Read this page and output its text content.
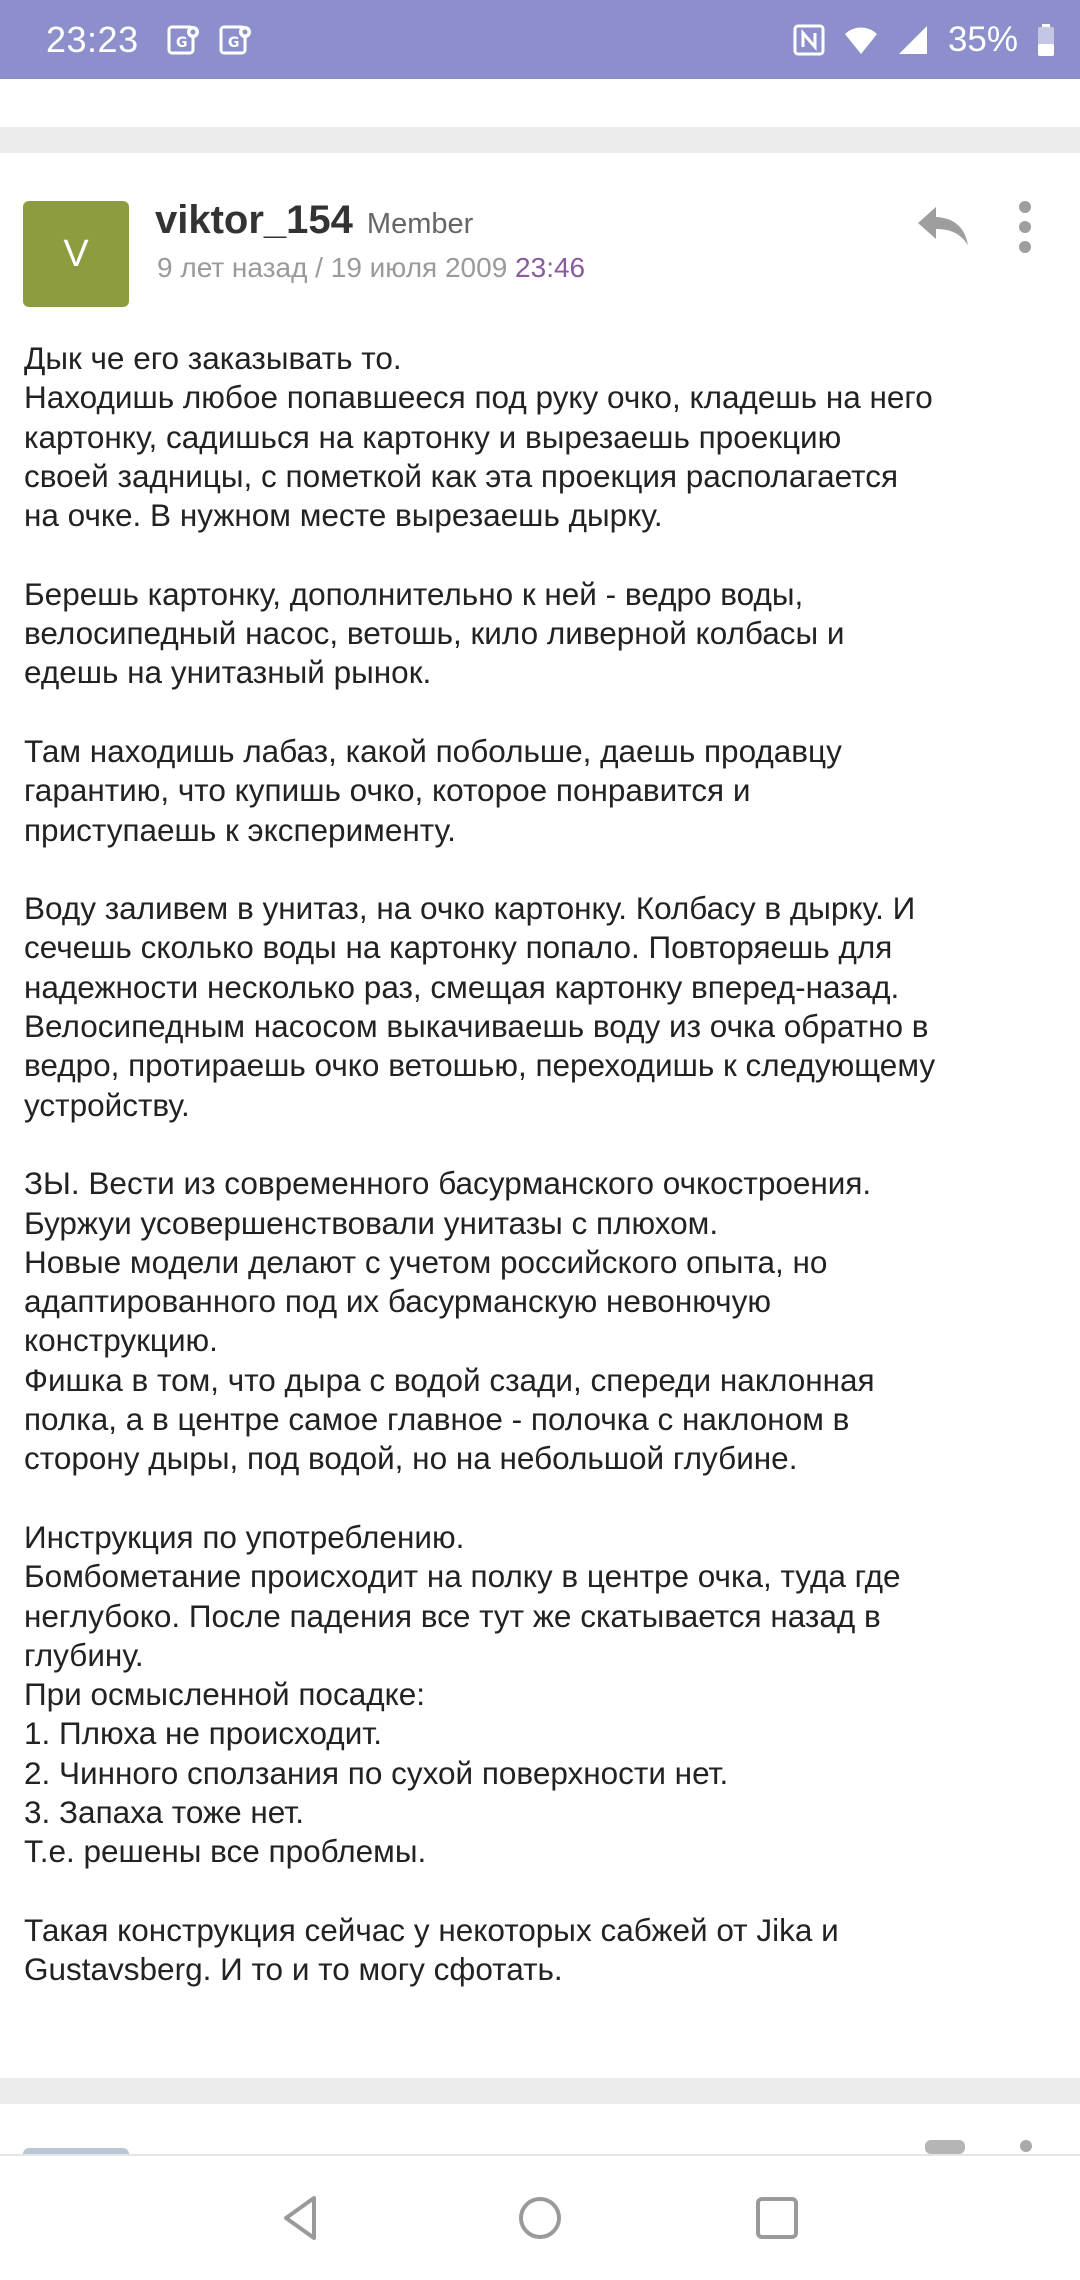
23:23	G	G	35%
V
viktor_154 Member
9 лет назад / 19 июля 2009 23:46
Дык че его заказывать то.
Находишь любое попавшееся под руку очко, кладешь на него
картонку, садишься на картонку и вырезаешь проекцию
своей задницы, с пометкой как эта проекция располагается
на очке. В нужном месте вырезаешь дырку.
Берешь картонку, дополнительно к ней - ведро воды,
велосипедный насос, ветошь, кило ливерной колбасы и
едешь на унитазный рынок.
Там находишь лабаз, какой побольше, даешь продавцу
гарантию, что купишь очко, которое понравится и
приступаешь к эксперименту.
Воду заливем в унитаз, на очко картонку. Колбасу в дырку. И
сечешь сколько воды на картонку попало. Повторяешь для
надежности несколько раз, смещая картонку вперед-назад.
Велосипедным насосом выкачиваешь воду из очка обратно в
ведро, протираешь очко ветошью, переходишь к следующему
устройству.
ЗЫ. Вести из современного басурманского очкостроения.
Буржуи усовершенствовали унитазы с плюхом.
Новые модели делают с учетом российского опыта, но
адаптированного под их басурманскую невонючую
конструкцию.
Фишка в том, что дыра с водой сзади, спереди наклонная
полка, а в центре самое главное - полочка с наклоном в
сторону дыры, под водой, но на небольшой глубине.
Инструкция по употреблению.
Бомбометание происходит на полку в центре очка, туда где
неглубоко. После падения все тут же скатывается назад в
глубину.
При осмысленной посадке:
1. Плюха не происходит.
2. Чинного сползания по сухой поверхности нет.
3. Запаха тоже нет.
Т.е. решены все проблемы.
Такая конструкция сейчас у некоторых сабжей от Jika и
Gustavsberg. И то и то могу сфотать.
